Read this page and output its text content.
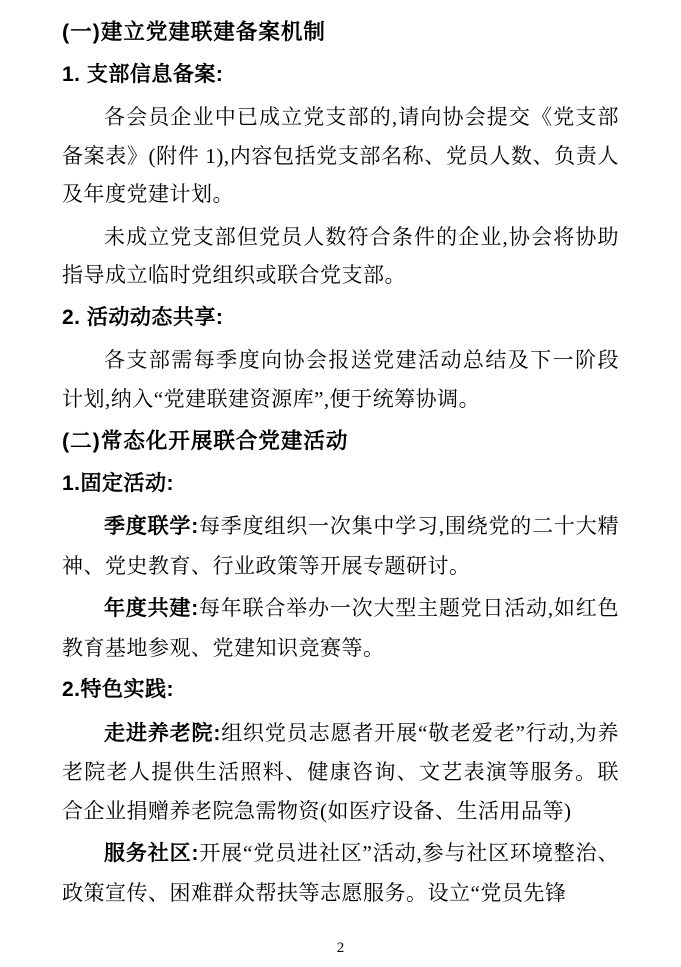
(一)建立党建联建备案机制
1. 支部信息备案:

各会员企业中已成立党支部的,请向协会提交《党支部备案表》(附件 1),内容包括党支部名称、党员人数、负责人及年度党建计划。

未成立党支部但党员人数符合条件的企业,协会将协助指导成立临时党组织或联合党支部。

2. 活动动态共享:

各支部需每季度向协会报送党建活动总结及下一阶段计划,纳入“党建联建资源库”,便于统筹协调。

(二)常态化开展联合党建活动
1.固定活动:

季度联学:每季度组织一次集中学习,围绕党的二十大精神、党史教育、行业政策等开展专题研讨。

年度共建:每年联合举办一次大型主题党日活动,如红色教育基地参观、党建知识竞赛等。

2.特色实践:

走进养老院:组织党员志愿者开展“敬老爱老”行动,为养老院老人提供生活照料、健康咨询、文艺表演等服务。联合企业捐赠养老院急需物资(如医疗设备、生活用品等)

服务社区:开展“党员进社区”活动,参与社区环境整治、政策宣传、困难群众帮扶等志愿服务。设立“党员先锋

2
